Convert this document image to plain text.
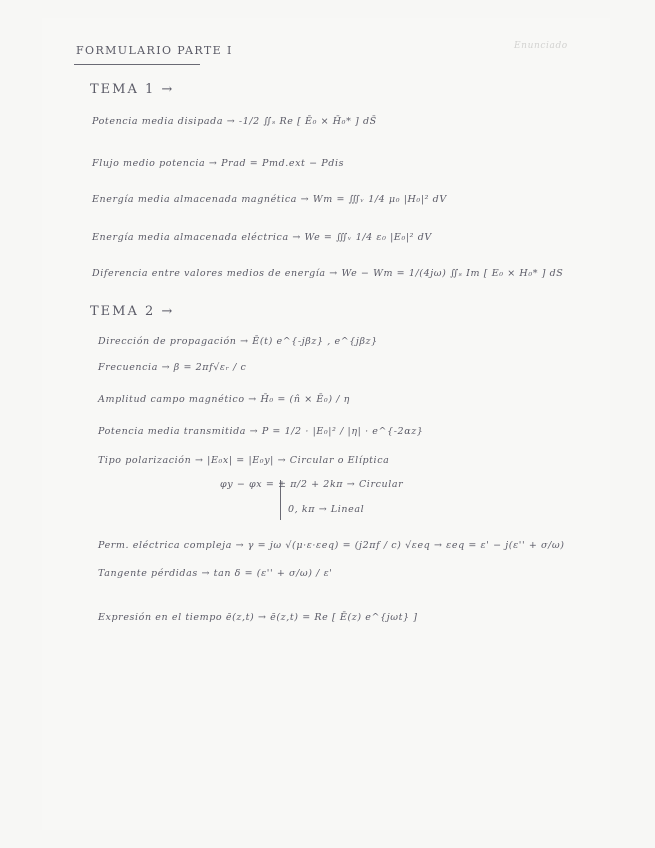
Enunciado
FORMULARIO PARTE I
TEMA 1 →
Potencia media disipada → -1/2 ∬ₛ Re [ Ē₀ × H̄₀* ] dS̄
Flujo medio potencia → Prad = Pmd.ext − Pdis
Energía media almacenada magnética → Wm = ∭ᵥ 1/4 μ₀ |H₀|² dV
Energía media almacenada eléctrica → We = ∭ᵥ 1/4 ε₀ |E₀|² dV
Diferencia entre valores medios de energía → We − Wm = 1/(4jω) ∬ₛ Im [ E₀ × H₀* ] dS
TEMA 2 →
Dirección de propagación → Ē(t) e^{-jβz} , e^{jβz}
Frecuencia → β = 2πf√εᵣ / c
Amplitud campo magnético → H̄₀ = (n̂ × Ē₀) / η
Potencia media transmitida → P = 1/2 · |E₀|² / |η| · e^{-2αz}
Tipo polarización → |E₀x| = |E₀y| → Circular o Elíptica
φy − φx = ± π/2 + 2kπ → Circular
0, kπ → Lineal
Perm. eléctrica compleja → γ = jω √(μ·ε·εeq) = (j2πf / c) √εeq → εeq = ε' − j(ε'' + σ/ω)
Tangente pérdidas → tan δ = (ε'' + σ/ω) / ε'
Expresión en el tiempo ē(z,t) → ē(z,t) = Re [ Ē(z) e^{jωt} ]
